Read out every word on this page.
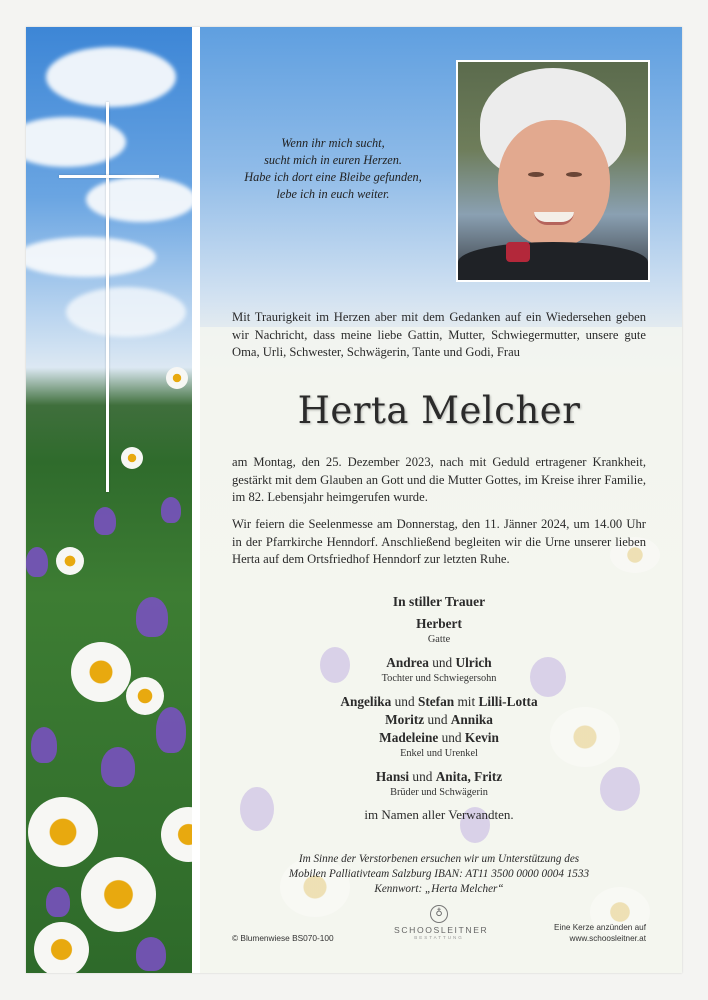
Wenn ihr mich sucht,
sucht mich in euren Herzen.
Habe ich dort eine Bleibe gefunden,
lebe ich in euch weiter.
Mit Traurigkeit im Herzen aber mit dem Gedanken auf ein Wiedersehen geben wir Nachricht, dass meine liebe Gattin, Mutter, Schwiegermutter, unsere gute Oma, Urli, Schwester, Schwägerin, Tante und Godi, Frau
Herta Melcher
am Montag, den 25. Dezember 2023, nach mit Geduld ertragener Krankheit, gestärkt mit dem Glauben an Gott und die Mutter Gottes, im Kreise ihrer Familie, im 82. Lebensjahr heimgerufen wurde.
Wir feiern die Seelenmesse am Donnerstag, den 11. Jänner 2024, um 14.00 Uhr in der Pfarrkirche Henndorf. Anschließend begleiten wir die Urne unserer lieben Herta auf dem Ortsfriedhof Henndorf zur letzten Ruhe.
In stiller Trauer
Herbert
Gatte
Andrea und Ulrich
Tochter und Schwiegersohn
Angelika und Stefan mit Lilli-Lotta
Moritz und Annika
Madeleine und Kevin
Enkel und Urenkel
Hansi und Anita, Fritz
Brüder und Schwägerin
im Namen aller Verwandten.
Im Sinne der Verstorbenen ersuchen wir um Unterstützung des
Mobilen Palliativteam Salzburg IBAN: AT11 3500 0000 0004 1533
Kennwort: „Herta Melcher“
© Blumenwiese BS070-100
♁
SCHOOSLEITNER
BESTATTUNG
Eine Kerze anzünden auf
www.schoosleitner.at
